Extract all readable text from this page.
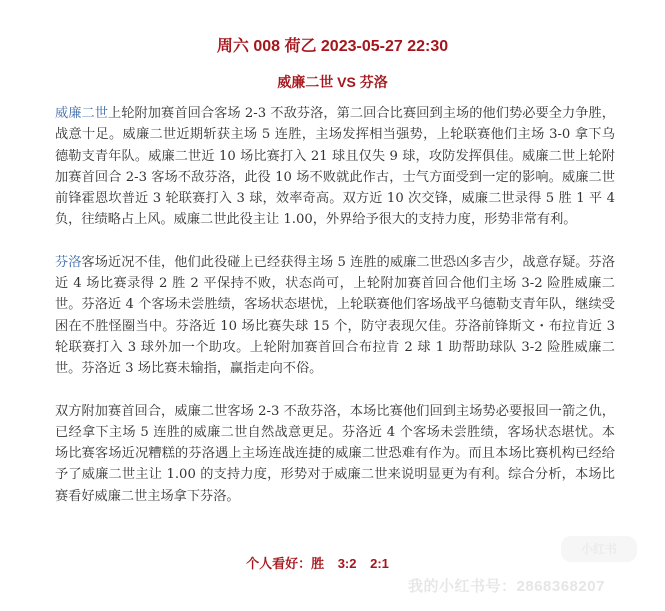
周六 008 荷乙 2023-05-27 22:30
威廉二世 VS 芬洛

威廉二世上轮附加赛首回合客场 2-3 不敌芬洛，第二回合比赛回到主场的他们势必要全力争胜，战意十足。威廉二世近期斩获主场 5 连胜，主场发挥相当强势，上轮联赛他们主场 3-0 拿下乌德勒支青年队。威廉二世近 10 场比赛打入 21 球且仅失 9 球，攻防发挥俱佳。威廉二世上轮附加赛首回合 2-3 客场不敌芬洛，此役 10 场不败就此作古，士气方面受到一定的影响。威廉二世前锋霍恩坎普近 3 轮联赛打入 3 球，效率奇高。双方近 10 次交锋，威廉二世录得 5 胜 1 平 4 负，往绩略占上风。威廉二世此役主让 1.00，外界给予很大的支持力度，形势非常有利。

芬洛客场近况不佳，他们此役碰上已经获得主场 5 连胜的威廉二世恐凶多吉少，战意存疑。芬洛近 4 场比赛录得 2 胜 2 平保持不败，状态尚可，上轮附加赛首回合他们主场 3-2 险胜威廉二世。芬洛近 4 个客场未尝胜绩，客场状态堪忧，上轮联赛他们客场战平乌德勒支青年队，继续受困在不胜怪圈当中。芬洛近 10 场比赛失球 15 个，防守表现欠佳。芬洛前锋斯文・布拉肯近 3 轮联赛打入 3 球外加一个助攻。上轮附加赛首回合布拉肯 2 球 1 助帮助球队 3-2 险胜威廉二世。芬洛近 3 场比赛未输指，赢指走向不俗。

双方附加赛首回合，威廉二世客场 2-3 不敌芬洛，本场比赛他们回到主场势必要报回一箭之仇，已经拿下主场 5 连胜的威廉二世自然战意更足。芬洛近 4 个客场未尝胜绩，客场状态堪忧。本场比赛客场近况糟糕的芬洛遇上主场连战连捷的威廉二世恐难有作为。而且本场比赛机构已经给予了威廉二世主让 1.00 的支持力度，形势对于威廉二世来说明显更为有利。综合分析，本场比赛看好威廉二世主场拿下芬洛。

个人看好：胜 3:2 2:1
小红书
我的小红书号：2868368207
